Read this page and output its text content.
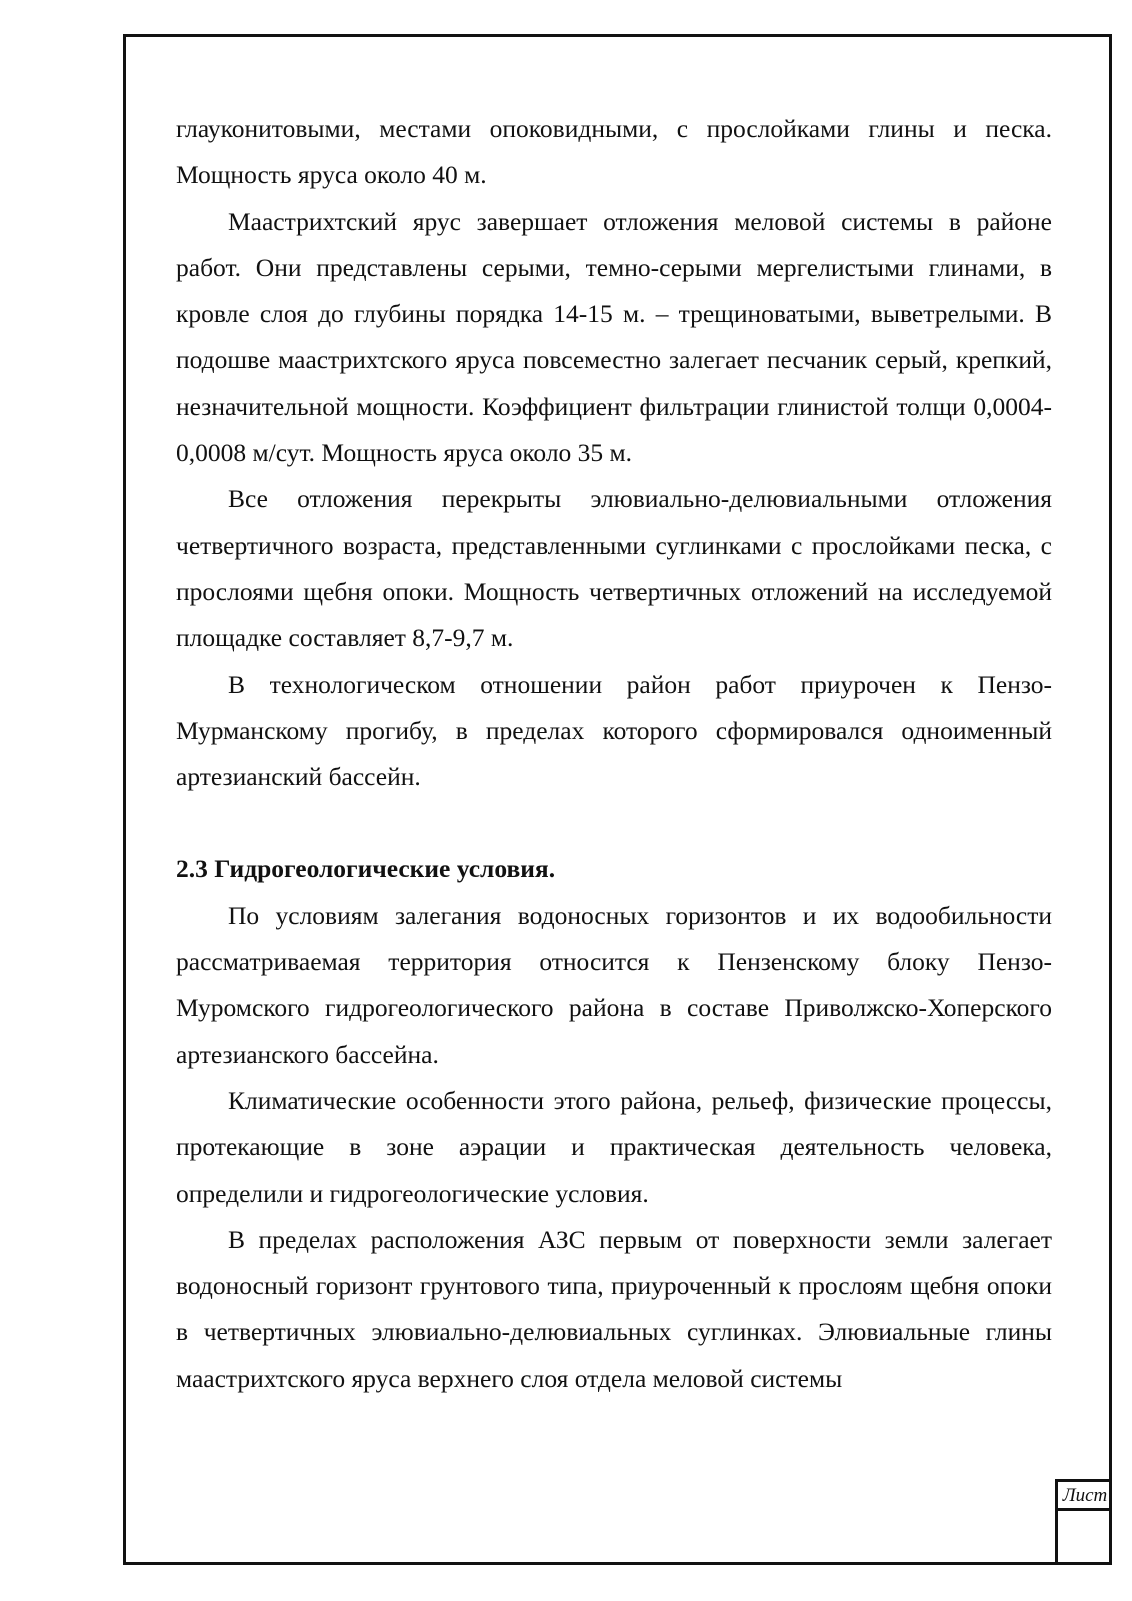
глауконитовыми, местами опоковидными, с прослойками глины и песка. Мощность яруса около 40 м.

Маастрихтский ярус завершает отложения меловой системы в районе работ. Они представлены серыми, темно-серыми мергелистыми глинами, в кровле слоя до глубины порядка 14-15 м. – трещиноватыми, выветрелыми. В подошве маастрихтского яруса повсеместно залегает песчаник серый, крепкий, незначительной мощности. Коэффициент фильтрации глинистой толщи 0,0004-0,0008 м/сут. Мощность яруса около 35 м.

Все отложения перекрыты элювиально-делювиальными отложения четвертичного возраста, представленными суглинками с прослойками песка, с прослоями щебня опоки. Мощность четвертичных отложений на исследуемой площадке составляет 8,7-9,7 м.

В технологическом отношении район работ приурочен к Пензо-Мурманскому прогибу, в пределах которого сформировался одноименный артезианский бассейн.

2.3 Гидрогеологические условия.

По условиям залегания водоносных горизонтов и их водообильности рассматриваемая территория относится к Пензенскому блоку Пензо-Муромского гидрогеологического района в составе Приволжско-Хоперского артезианского бассейна.

Климатические особенности этого района, рельеф, физические процессы, протекающие в зоне аэрации и практическая деятельность человека, определили и гидрогеологические условия.

В пределах расположения АЗС первым от поверхности земли залегает водоносный горизонт грунтового типа, приуроченный к прослоям щебня опоки в четвертичных элювиально-делювиальных суглинках. Элювиальные глины маастрихтского яруса верхнего слоя отдела меловой системы

Лист
